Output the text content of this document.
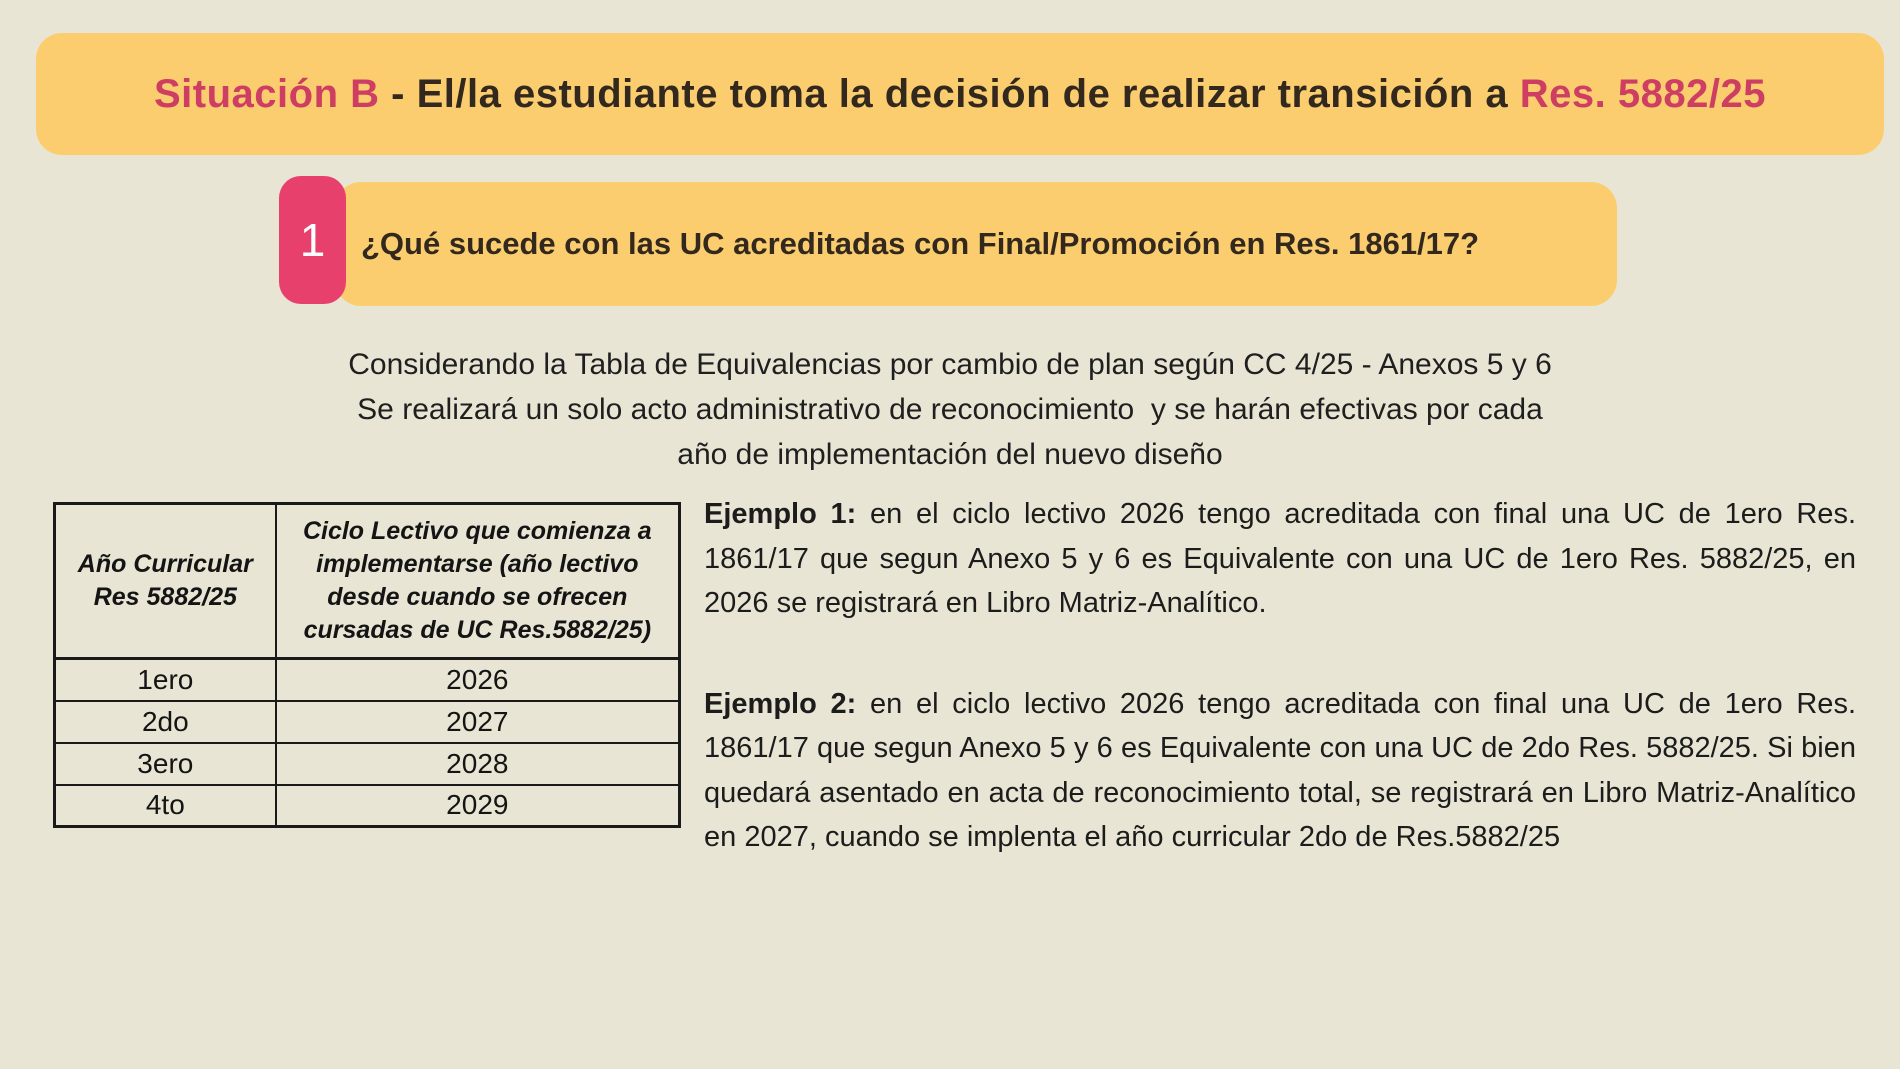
Situación B - El/la estudiante toma la decisión de realizar transición a Res. 5882/25
1 ¿Qué sucede con las UC acreditadas con Final/Promoción en Res. 1861/17?
Considerando la Tabla de Equivalencias por cambio de plan según CC 4/25 - Anexos 5 y 6
Se realizará un solo acto administrativo de reconocimiento  y se harán efectivas por cada
año de implementación del nuevo diseño
Año Curricular Res 5882/25	Ciclo Lectivo que comienza a implementarse (año lectivo desde cuando se ofrecen cursadas de UC Res.5882/25)
1ero	2026
2do	2027
3ero	2028
4to	2029

Ejemplo 1: en el ciclo lectivo 2026 tengo acreditada con final una UC de 1ero Res. 1861/17 que segun Anexo 5 y 6 es Equivalente con una UC de 1ero Res. 5882/25, en 2026 se registrará en Libro Matriz-Analítico.

Ejemplo 2: en el ciclo lectivo 2026 tengo acreditada con final una UC de 1ero Res. 1861/17 que segun Anexo 5 y 6 es Equivalente con una UC de 2do Res. 5882/25. Si bien quedará asentado en acta de reconocimiento total, se registrará en Libro Matriz-Analítico en 2027, cuando se implenta el año curricular 2do de Res.5882/25
